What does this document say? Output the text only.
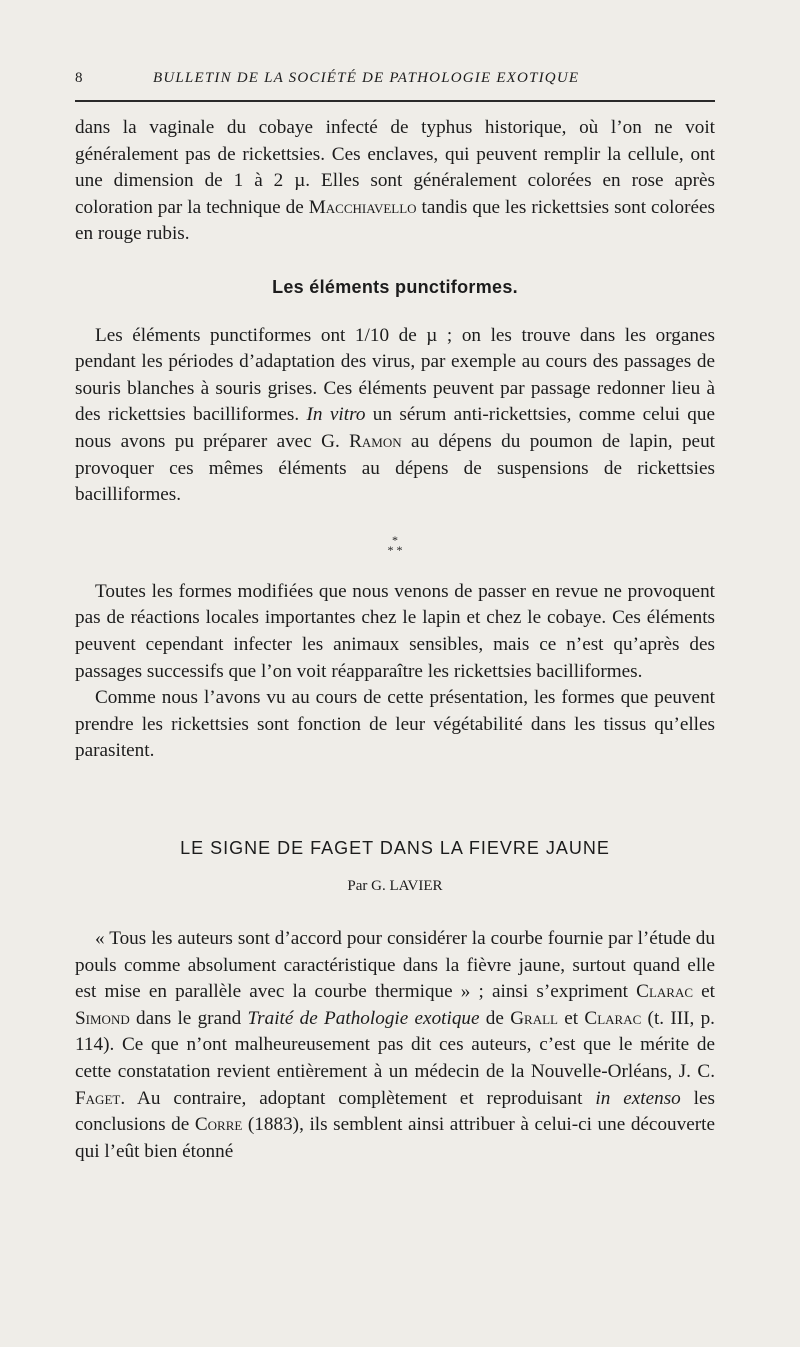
8	BULLETIN DE LA SOCIÉTÉ DE PATHOLOGIE EXOTIQUE

dans la vaginale du cobaye infecté de typhus historique, où l’on ne voit généralement pas de rickettsies. Ces enclaves, qui peuvent remplir la cellule, ont une dimension de 1 à 2 µ. Elles sont généralement colorées en rose après coloration par la technique de Macchiavello tandis que les rickettsies sont colorées en rouge rubis.

Les éléments punctiformes.

Les éléments punctiformes ont 1/10 de µ ; on les trouve dans les organes pendant les périodes d’adaptation des virus, par exemple au cours des passages de souris blanches à souris grises. Ces éléments peuvent par passage redonner lieu à des rickettsies bacilliformes. In vitro un sérum anti-rickettsies, comme celui que nous avons pu préparer avec G. Ramon au dépens du poumon de lapin, peut provoquer ces mêmes éléments au dépens de suspensions de rickettsies bacilliformes.

*
* *

Toutes les formes modifiées que nous venons de passer en revue ne provoquent pas de réactions locales importantes chez le lapin et chez le cobaye. Ces éléments peuvent cependant infecter les animaux sensibles, mais ce n’est qu’après des passages successifs que l’on voit réapparaître les rickettsies bacilliformes.

Comme nous l’avons vu au cours de cette présentation, les formes que peuvent prendre les rickettsies sont fonction de leur végétabilité dans les tissus qu’elles parasitent.

LE SIGNE DE FAGET DANS LA FIEVRE JAUNE
Par G. LAVIER

« Tous les auteurs sont d’accord pour considérer la courbe fournie par l’étude du pouls comme absolument caractéristique dans la fièvre jaune, surtout quand elle est mise en parallèle avec la courbe thermique » ; ainsi s’expriment Clarac et Simond dans le grand Traité de Pathologie exotique de Grall et Clarac (t. III, p. 114). Ce que n’ont malheureusement pas dit ces auteurs, c’est que le mérite de cette constatation revient entièrement à un médecin de la Nouvelle-Orléans, J. C. Faget. Au contraire, adoptant complètement et reproduisant in extenso les conclusions de Corre (1883), ils semblent ainsi attribuer à celui-ci une découverte qui l’eût bien étonné
